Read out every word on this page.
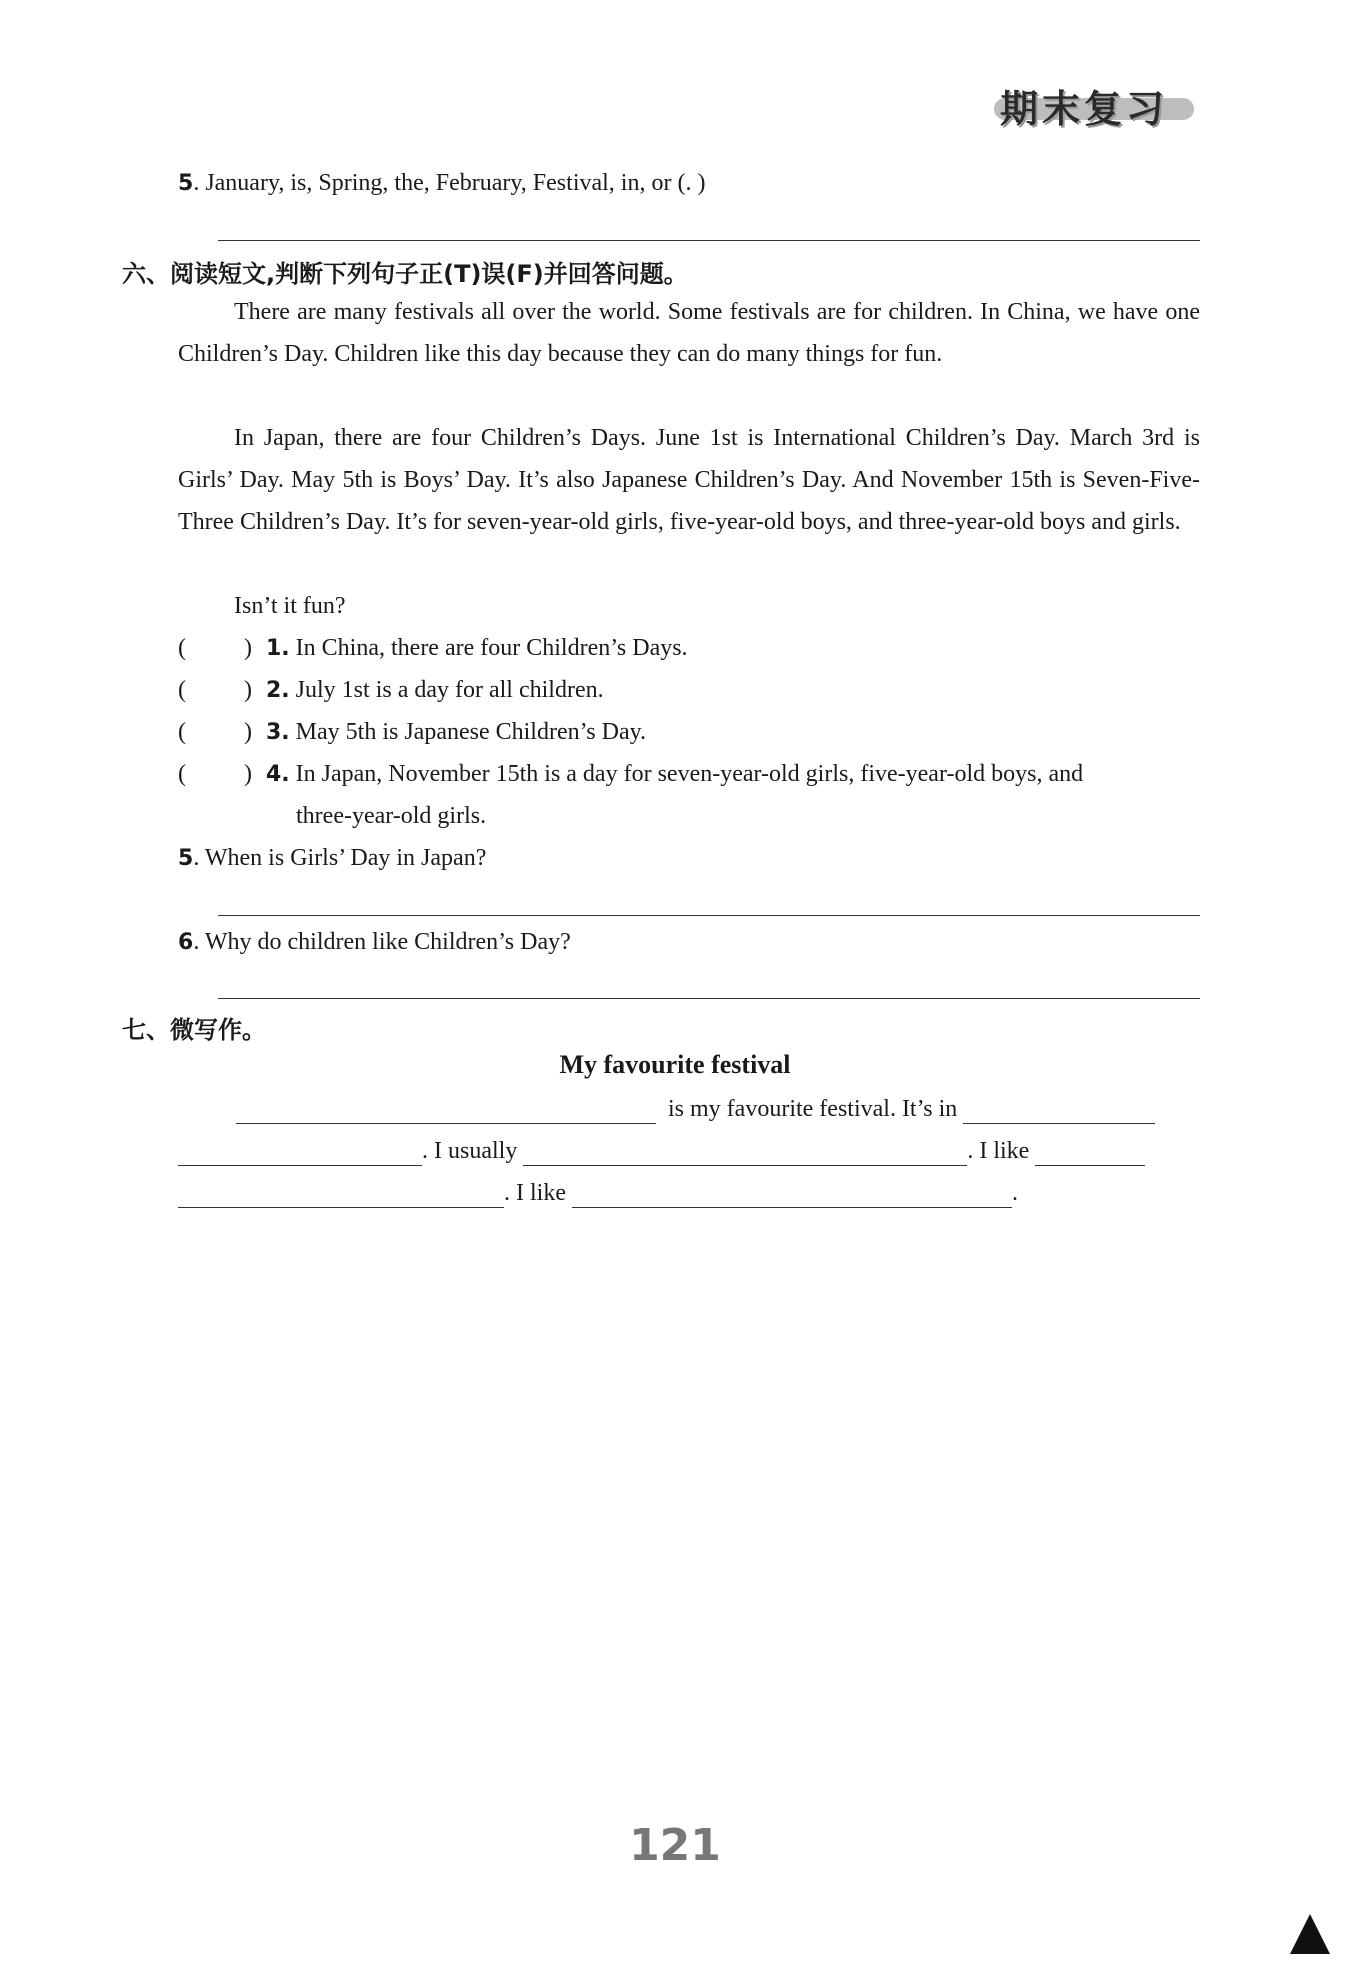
期末复习
5. January, is, Spring, the, February, Festival, in, or (. )
六、阅读短文,判断下列句子正(T)误(F)并回答问题。
There are many festivals all over the world. Some festivals are for children. In China, we have one Children’s Day. Children like this day because they can do many things for fun.
In Japan, there are four Children’s Days. June 1st is International Children’s Day. March 3rd is Girls’ Day. May 5th is Boys’ Day. It’s also Japanese Children’s Day. And November 15th is Seven-Five-Three Children’s Day. It’s for seven-year-old girls, five-year-old boys, and three-year-old boys and girls.
Isn’t it fun?
( ) 1. In China, there are four Children’s Days.
( ) 2. July 1st is a day for all children.
( ) 3. May 5th is Japanese Children’s Day.
( ) 4. In Japan, November 15th is a day for seven-year-old girls, five-year-old boys, and
three-year-old girls.
5. When is Girls’ Day in Japan?
6. Why do children like Children’s Day?
七、微写作。
My favourite festival
is my favourite festival. It’s in
. I usually	. I like
. I like	.
121
